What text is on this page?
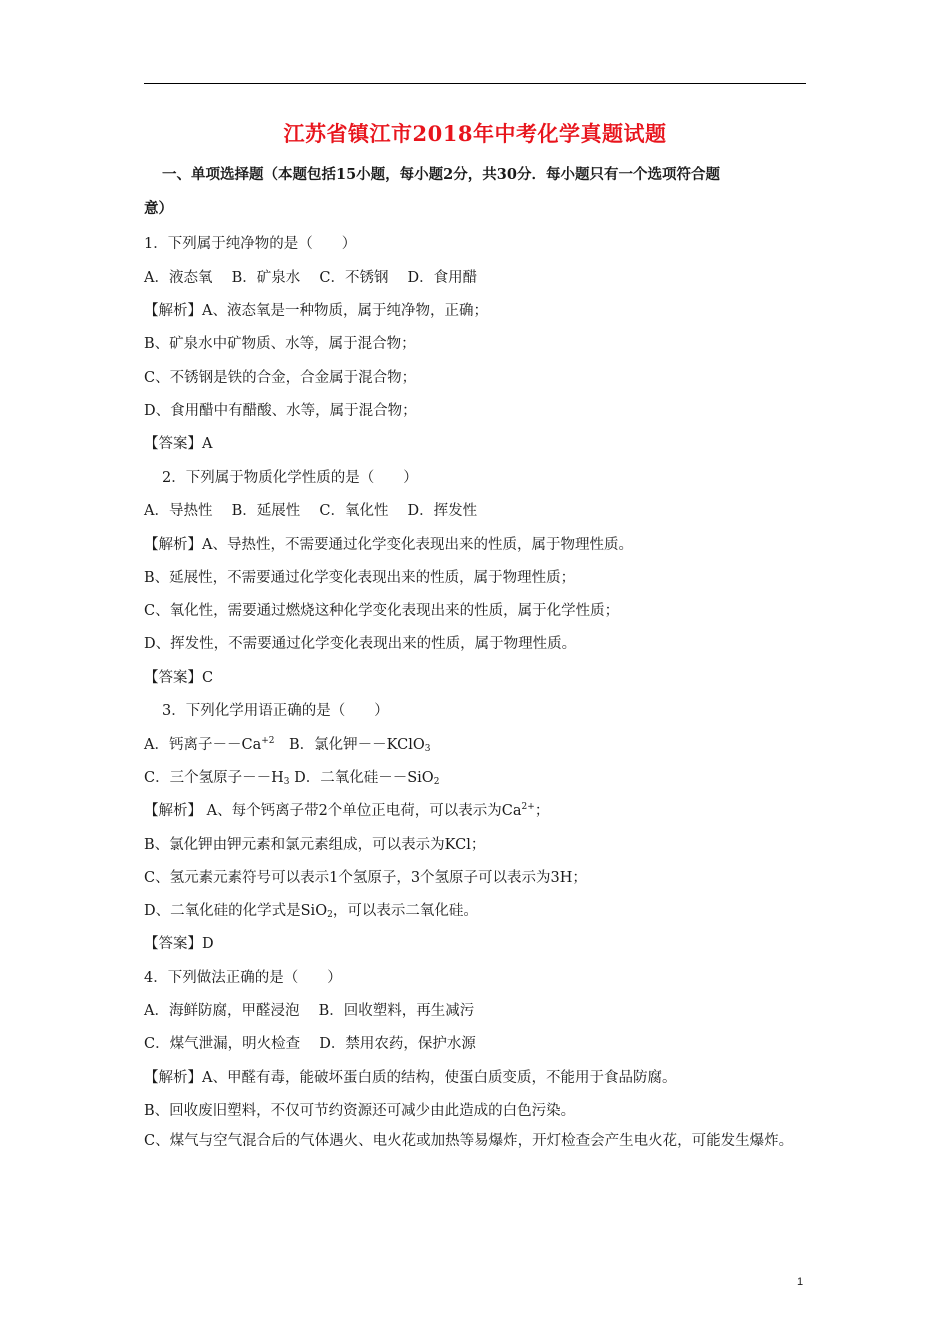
江苏省镇江市2018年中考化学真题试题
一、单项选择题（本题包括15小题，每小题2分，共30分．每小题只有一个选项符合题
意）
1．下列属于纯净物的是（　　）
A．液态氧　 B．矿泉水　 C．不锈钢　 D．食用醋
【解析】A、液态氧是一种物质，属于纯净物，正确；
B、矿泉水中矿物质、水等，属于混合物；
C、不锈钢是铁的合金，合金属于混合物；
D、食用醋中有醋酸、水等，属于混合物；
【答案】A
2．下列属于物质化学性质的是（　　）
A．导热性　 B．延展性　 C．氧化性　 D．挥发性
【解析】A、导热性，不需要通过化学变化表现出来的性质，属于物理性质。
B、延展性，不需要通过化学变化表现出来的性质，属于物理性质；
C、氧化性，需要通过燃烧这种化学变化表现出来的性质，属于化学性质；
D、挥发性，不需要通过化学变化表现出来的性质，属于物理性质。
【答案】C
3．下列化学用语正确的是（　　）
A．钙离子$--Ca^{+2}$　B．氯化钾－－KClO$_3$
C．三个氢原子$--H_3$ D．二氧化硅－－SiO$_2$
【解析】 A、每个钙离子带2个单位正电荷，可以表示为$Ca^{2+}$；
B、氯化钾由钾元素和氯元素组成，可以表示为KCl；
C、氢元素元素符号可以表示1个氢原子，3个氢原子可以表示为3H；
D、二氧化硅的化学式是SiO$_2$，可以表示二氧化硅。
【答案】D
4．下列做法正确的是（　　）
A．海鲜防腐，甲醛浸泡　 B．回收塑料，再生减污
C．煤气泄漏，明火检查　 D．禁用农药，保护水源
【解析】A、甲醛有毒，能破坏蛋白质的结构，使蛋白质变质，不能用于食品防腐。
B、回收废旧塑料，不仅可节约资源还可减少由此造成的白色污染。
C、煤气与空气混合后的气体遇火、电火花或加热等易爆炸，开灯检查会产生电火花，可能发生爆炸。
1
